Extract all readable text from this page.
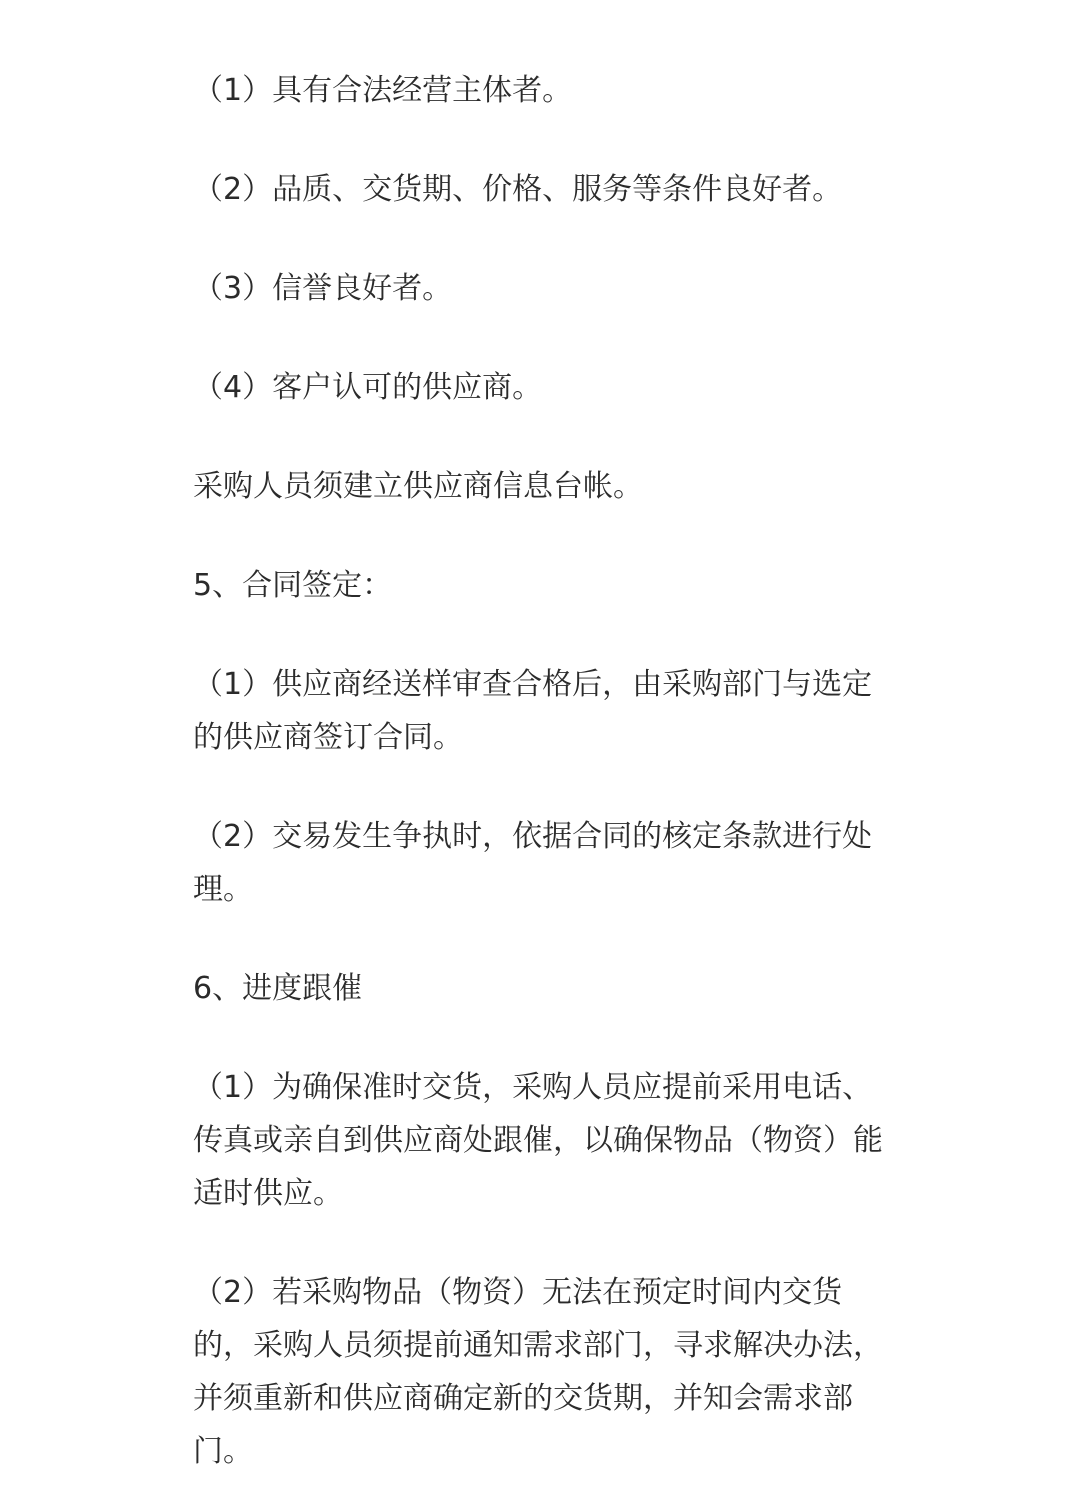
（1）具有合法经营主体者。

（2）品质、交货期、价格、服务等条件良好者。

（3）信誉良好者。

（4）客户认可的供应商。

采购人员须建立供应商信息台帐。

5、合同签定：

（1）供应商经送样审查合格后，由采购部门与选定的供应商签订合同。

（2）交易发生争执时，依据合同的核定条款进行处理。

6、进度跟催

（1）为确保准时交货，采购人员应提前采用电话、传真或亲自到供应商处跟催，以确保物品（物资）能适时供应。

（2）若采购物品（物资）无法在预定时间内交货的，采购人员须提前通知需求部门，寻求解决办法，并须重新和供应商确定新的交货期，并知会需求部门。
